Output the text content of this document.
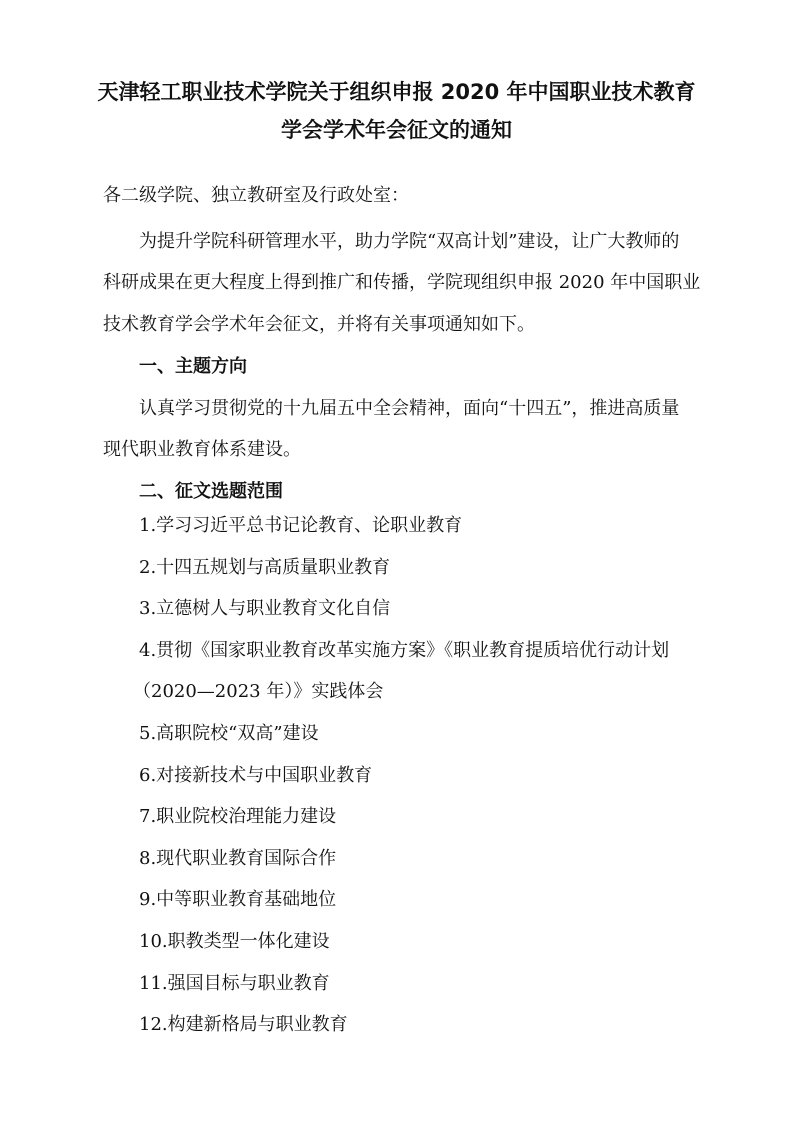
天津轻工职业技术学院关于组织申报 2020 年中国职业技术教育
学会学术年会征文的通知
各二级学院、独立教研室及行政处室：
为提升学院科研管理水平，助力学院“双高计划”建设，让广大教师的
科研成果在更大程度上得到推广和传播，学院现组织申报 2020 年中国职业
技术教育学会学术年会征文，并将有关事项通知如下。
一、主题方向
认真学习贯彻党的十九届五中全会精神，面向“十四五”，推进高质量
现代职业教育体系建设。
二、征文选题范围
1.学习习近平总书记论教育、论职业教育
2.十四五规划与高质量职业教育
3.立德树人与职业教育文化自信
4.贯彻《国家职业教育改革实施方案》《职业教育提质培优行动计划
（2020—2023 年）》实践体会
5.高职院校“双高”建设
6.对接新技术与中国职业教育
7.职业院校治理能力建设
8.现代职业教育国际合作
9.中等职业教育基础地位
10.职教类型一体化建设
11.强国目标与职业教育
12.构建新格局与职业教育
